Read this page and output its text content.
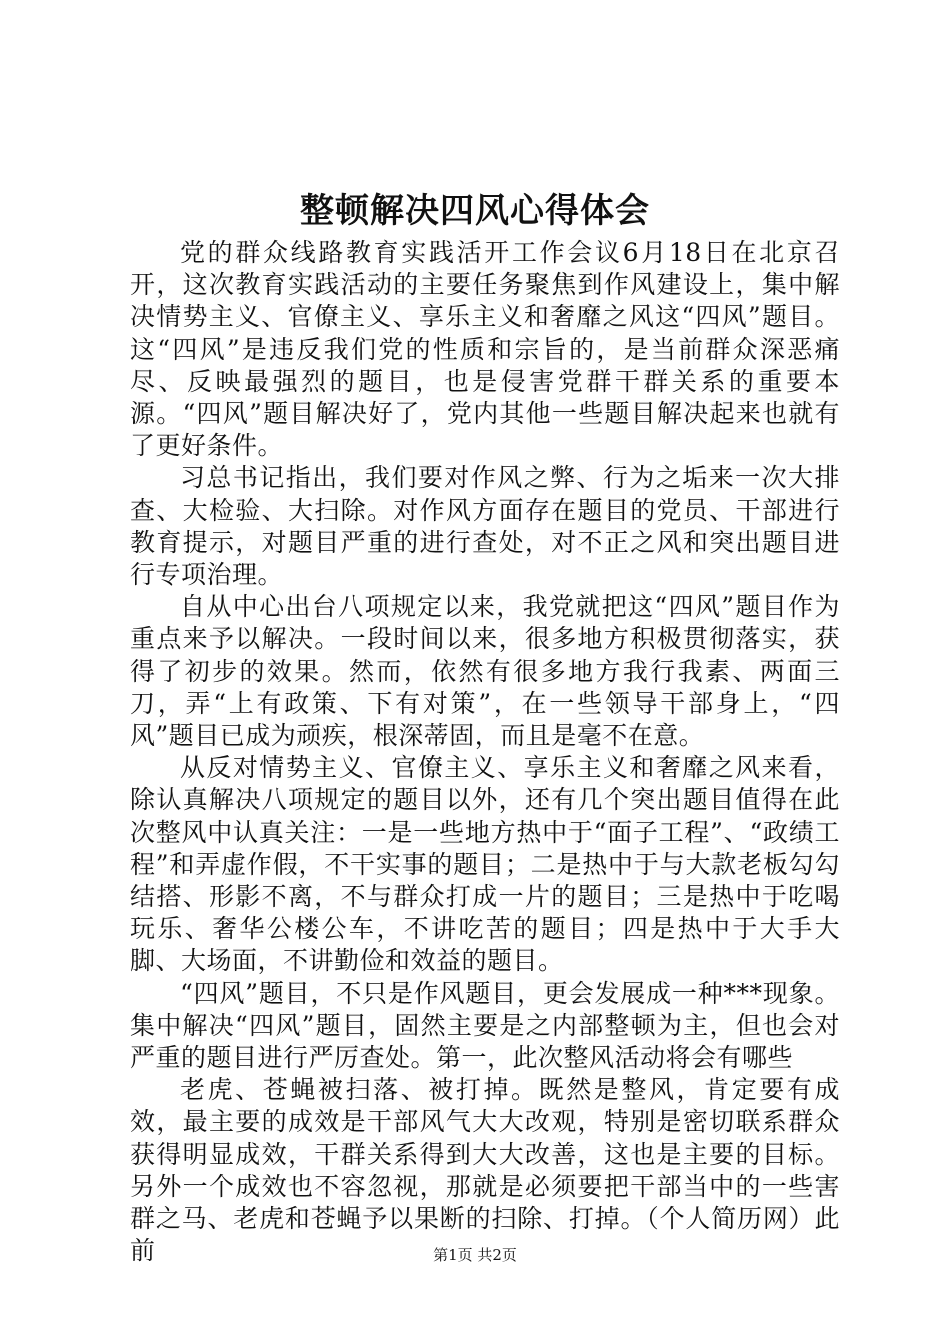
整顿解决四风心得体会

党的群众线路教育实践活开工作会议6月18日在北京召开，这次教育实践活动的主要任务聚焦到作风建设上，集中解决情势主义、官僚主义、享乐主义和奢靡之风这“四风”题目。这“四风”是违反我们党的性质和宗旨的，是当前群众深恶痛尽、反映最强烈的题目，也是侵害党群干群关系的重要本源。“四风”题目解决好了，党内其他一些题目解决起来也就有了更好条件。

习总书记指出，我们要对作风之弊、行为之垢来一次大排查、大检验、大扫除。对作风方面存在题目的党员、干部进行教育提示，对题目严重的进行查处，对不正之风和突出题目进行专项治理。

自从中心出台八项规定以来，我党就把这“四风”题目作为重点来予以解决。一段时间以来，很多地方积极贯彻落实，获得了初步的效果。然而，依然有很多地方我行我素、两面三刀，弄“上有政策、下有对策”，在一些领导干部身上，“四风”题目已成为顽疾，根深蒂固，而且是毫不在意。

从反对情势主义、官僚主义、享乐主义和奢靡之风来看，除认真解决八项规定的题目以外，还有几个突出题目值得在此次整风中认真关注：一是一些地方热中于“面子工程”、“政绩工程”和弄虚作假，不干实事的题目；二是热中于与大款老板勾勾结搭、形影不离，不与群众打成一片的题目；三是热中于吃喝玩乐、奢华公楼公车，不讲吃苦的题目；四是热中于大手大脚、大场面，不讲勤俭和效益的题目。

“四风”题目，不只是作风题目，更会发展成一种***现象。集中解决“四风”题目，固然主要是之内部整顿为主，但也会对严重的题目进行严厉查处。第一，此次整风活动将会有哪些

老虎、苍蝇被扫落、被打掉。既然是整风，肯定要有成效，最主要的成效是干部风气大大改观，特别是密切联系群众获得明显成效，干群关系得到大大改善，这也是主要的目标。另外一个成效也不容忽视，那就是必须要把干部当中的一些害群之马、老虎和苍蝇予以果断的扫除、打掉。（个人简历网）此前	第1页 共2页
